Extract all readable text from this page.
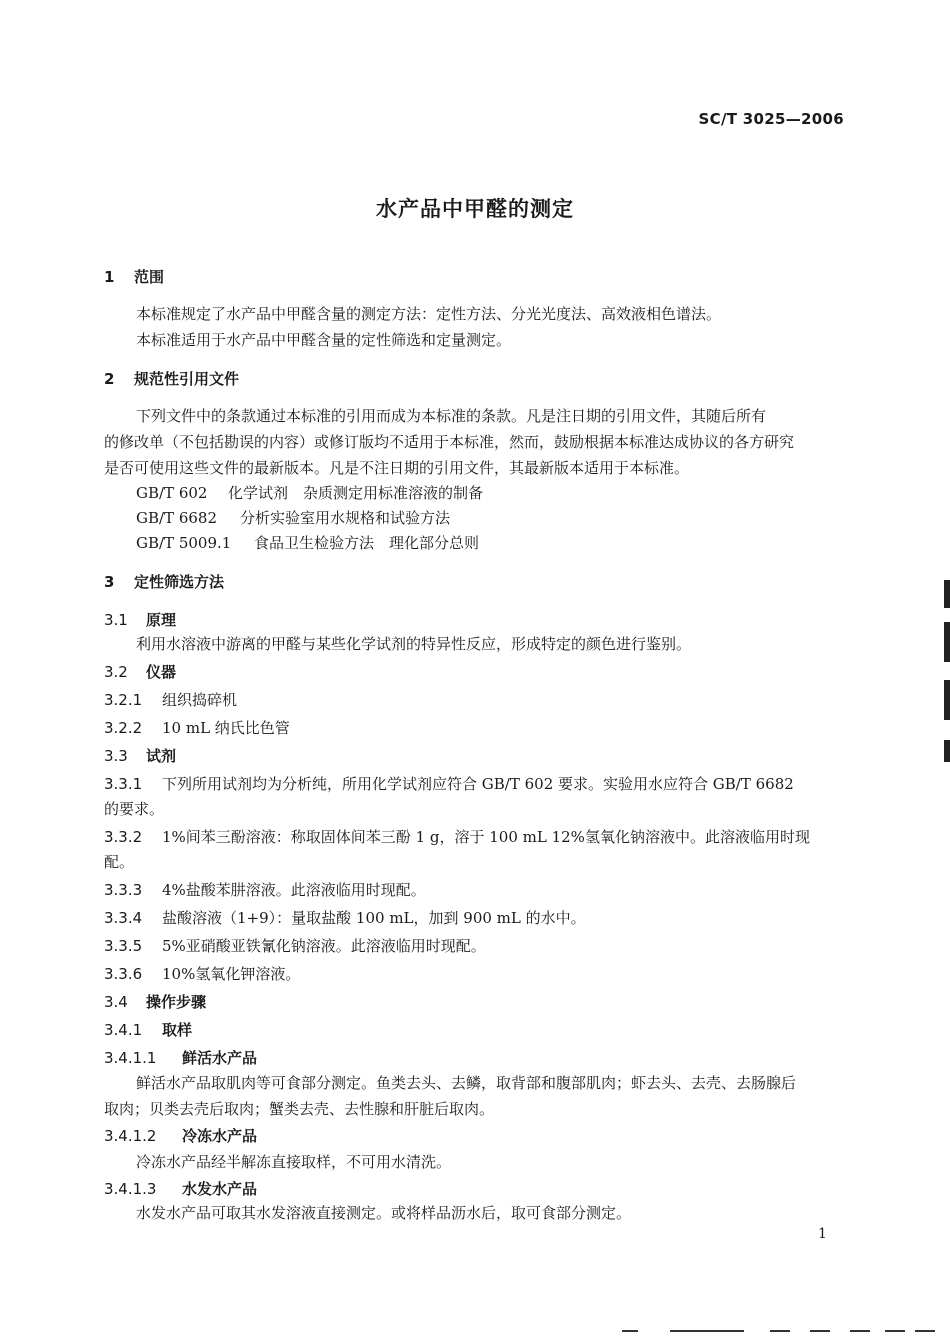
SC/T 3025—2006
水产品中甲醛的测定
1 范围
本标准规定了水产品中甲醛含量的测定方法：定性方法、分光光度法、高效液相色谱法。
本标准适用于水产品中甲醛含量的定性筛选和定量测定。
2 规范性引用文件
下列文件中的条款通过本标准的引用而成为本标准的条款。凡是注日期的引用文件，其随后所有
的修改单（不包括勘误的内容）或修订版均不适用于本标准，然而，鼓励根据本标准达成协议的各方研究
是否可使用这些文件的最新版本。凡是不注日期的引用文件，其最新版本适用于本标准。
GB/T 602 化学试剂　杂质测定用标准溶液的制备
GB/T 6682 分析实验室用水规格和试验方法
GB/T 5009.1 食品卫生检验方法　理化部分总则
3 定性筛选方法
3.1 原理
利用水溶液中游离的甲醛与某些化学试剂的特异性反应，形成特定的颜色进行鉴别。
3.2 仪器
3.2.1 组织捣碎机
3.2.2 10 mL 纳氏比色管
3.3 试剂
3.3.1 下列所用试剂均为分析纯，所用化学试剂应符合 GB/T 602 要求。实验用水应符合 GB/T 6682
的要求。
3.3.2 1%间苯三酚溶液：称取固体间苯三酚 1 g，溶于 100 mL 12%氢氧化钠溶液中。此溶液临用时现
配。
3.3.3 4%盐酸苯肼溶液。此溶液临用时现配。
3.3.4 盐酸溶液（1+9）：量取盐酸 100 mL，加到 900 mL 的水中。
3.3.5 5%亚硝酸亚铁氰化钠溶液。此溶液临用时现配。
3.3.6 10%氢氧化钾溶液。
3.4 操作步骤
3.4.1 取样
3.4.1.1 鲜活水产品
鲜活水产品取肌肉等可食部分测定。鱼类去头、去鳞，取背部和腹部肌肉；虾去头、去壳、去肠腺后
取肉；贝类去壳后取肉；蟹类去壳、去性腺和肝脏后取肉。
3.4.1.2 冷冻水产品
冷冻水产品经半解冻直接取样，不可用水清洗。
3.4.1.3 水发水产品
水发水产品可取其水发溶液直接测定。或将样品沥水后，取可食部分测定。
1
